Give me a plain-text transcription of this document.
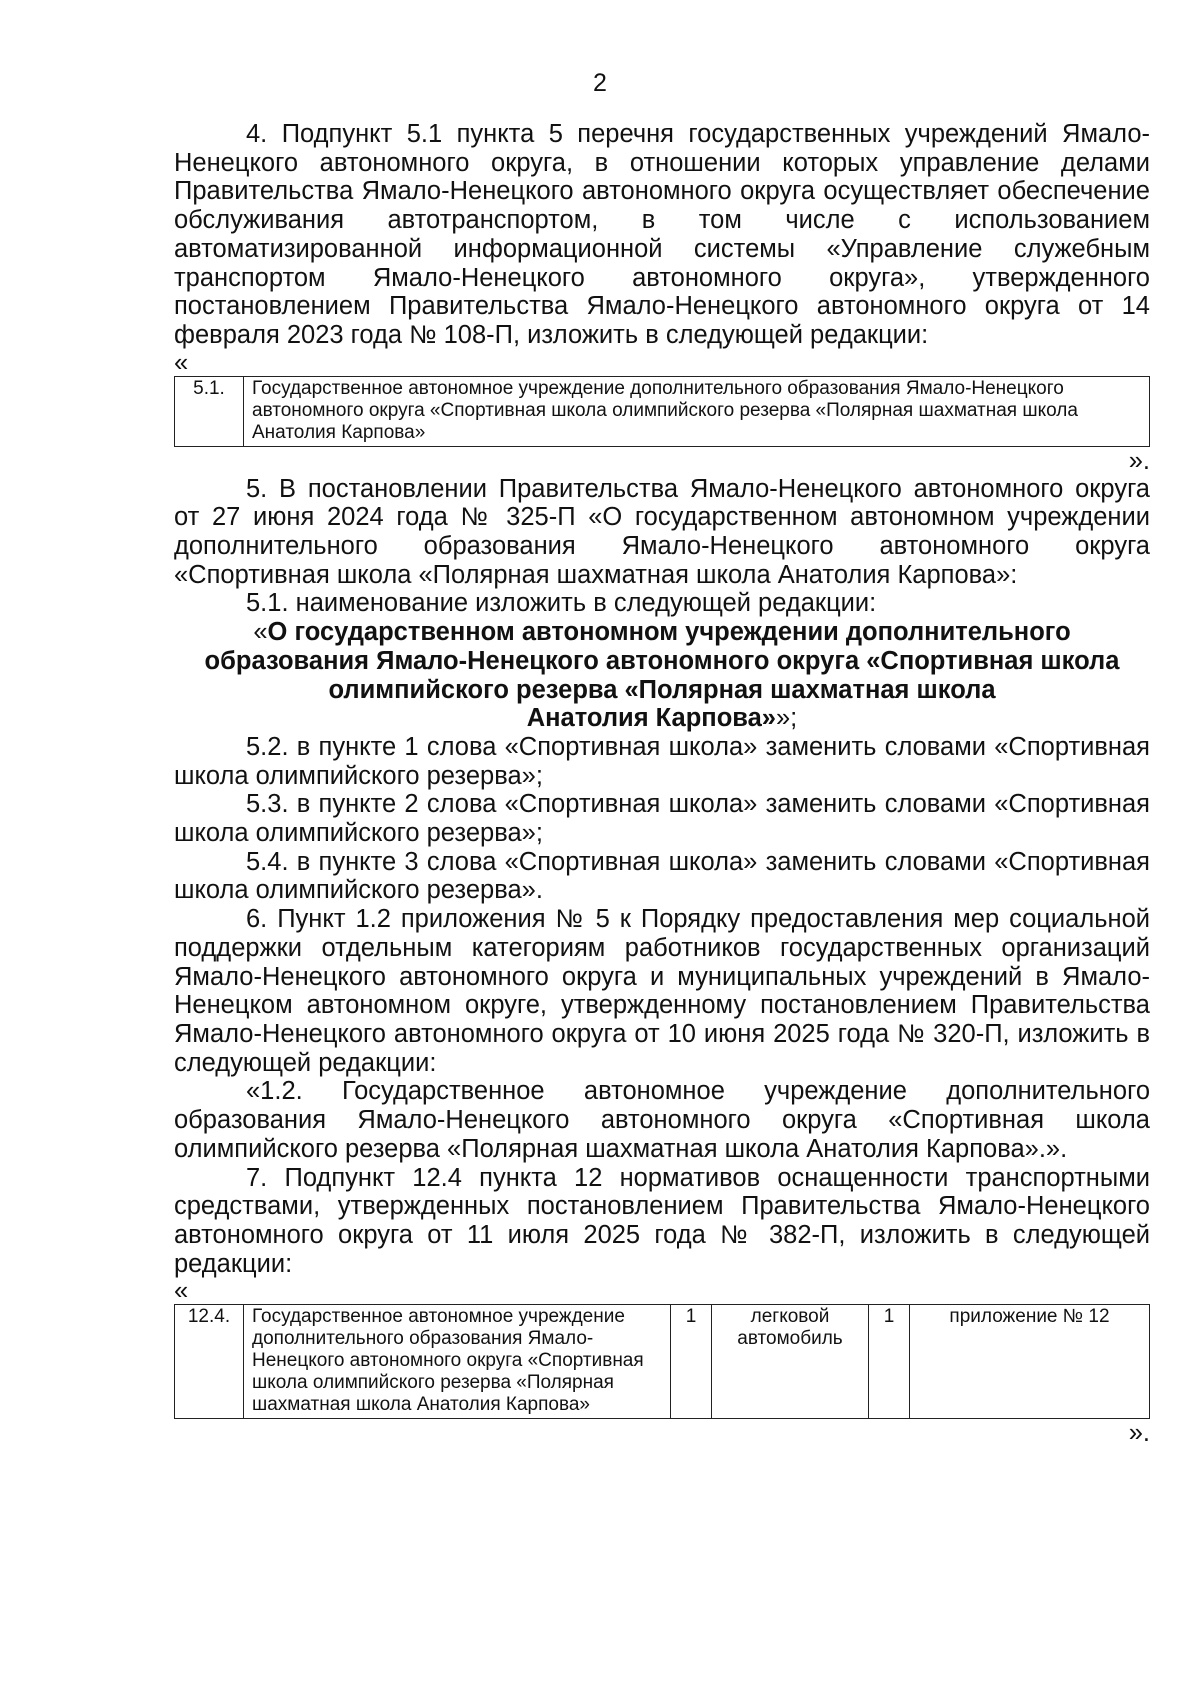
2

4. Подпункт 5.1 пункта 5 перечня государственных учреждений Ямало-Ненецкого автономного округа, в отношении которых управление делами Правительства Ямало-Ненецкого автономного округа осуществляет обеспечение обслуживания автотранспортом, в том числе с использованием автоматизированной информационной системы «Управление служебным транспортом Ямало-Ненецкого автономного округа», утвержденного постановлением Правительства Ямало-Ненецкого автономного округа от 14 февраля 2023 года № 108-П, изложить в следующей редакции:

«
5.1.	Государственное автономное учреждение дополнительного образования Ямало-Ненецкого автономного округа «Спортивная школа олимпийского резерва «Полярная шахматная школа Анатолия Карпова»
».

5. В постановлении Правительства Ямало-Ненецкого автономного округа от 27 июня 2024 года № 325-П «О государственном автономном учреждении дополнительного образования Ямало-Ненецкого автономного округа «Спортивная школа «Полярная шахматная школа Анатолия Карпова»:

5.1. наименование изложить в следующей редакции:

«О государственном автономном учреждении дополнительного
образования Ямало-Ненецкого автономного округа «Спортивная школа
олимпийского резерва «Полярная шахматная школа
Анатолия Карпова»»;

5.2. в пункте 1 слова «Спортивная школа» заменить словами «Спортивная школа олимпийского резерва»;

5.3. в пункте 2 слова «Спортивная школа» заменить словами «Спортивная школа олимпийского резерва»;

5.4. в пункте 3 слова «Спортивная школа» заменить словами «Спортивная школа олимпийского резерва».

6. Пункт 1.2 приложения № 5 к Порядку предоставления мер социальной поддержки отдельным категориям работников государственных организаций Ямало-Ненецкого автономного округа и муниципальных учреждений в Ямало-Ненецком автономном округе, утвержденному постановлением Правительства Ямало-Ненецкого автономного округа от 10 июня 2025 года № 320-П, изложить в следующей редакции:

«1.2. Государственное автономное учреждение дополнительного образования Ямало-Ненецкого автономного округа «Спортивная школа олимпийского резерва «Полярная шахматная школа Анатолия Карпова».».

7. Подпункт 12.4 пункта 12 нормативов оснащенности транспортными средствами, утвержденных постановлением Правительства Ямало-Ненецкого автономного округа от 11 июля 2025 года № 382-П, изложить в следующей редакции:

«
12.4.	Государственное автономное учреждение дополнительного образования Ямало-Ненецкого автономного округа «Спортивная школа олимпийского резерва «Полярная шахматная школа Анатолия Карпова»	1	легковой автомобиль	1	приложение № 12
».
